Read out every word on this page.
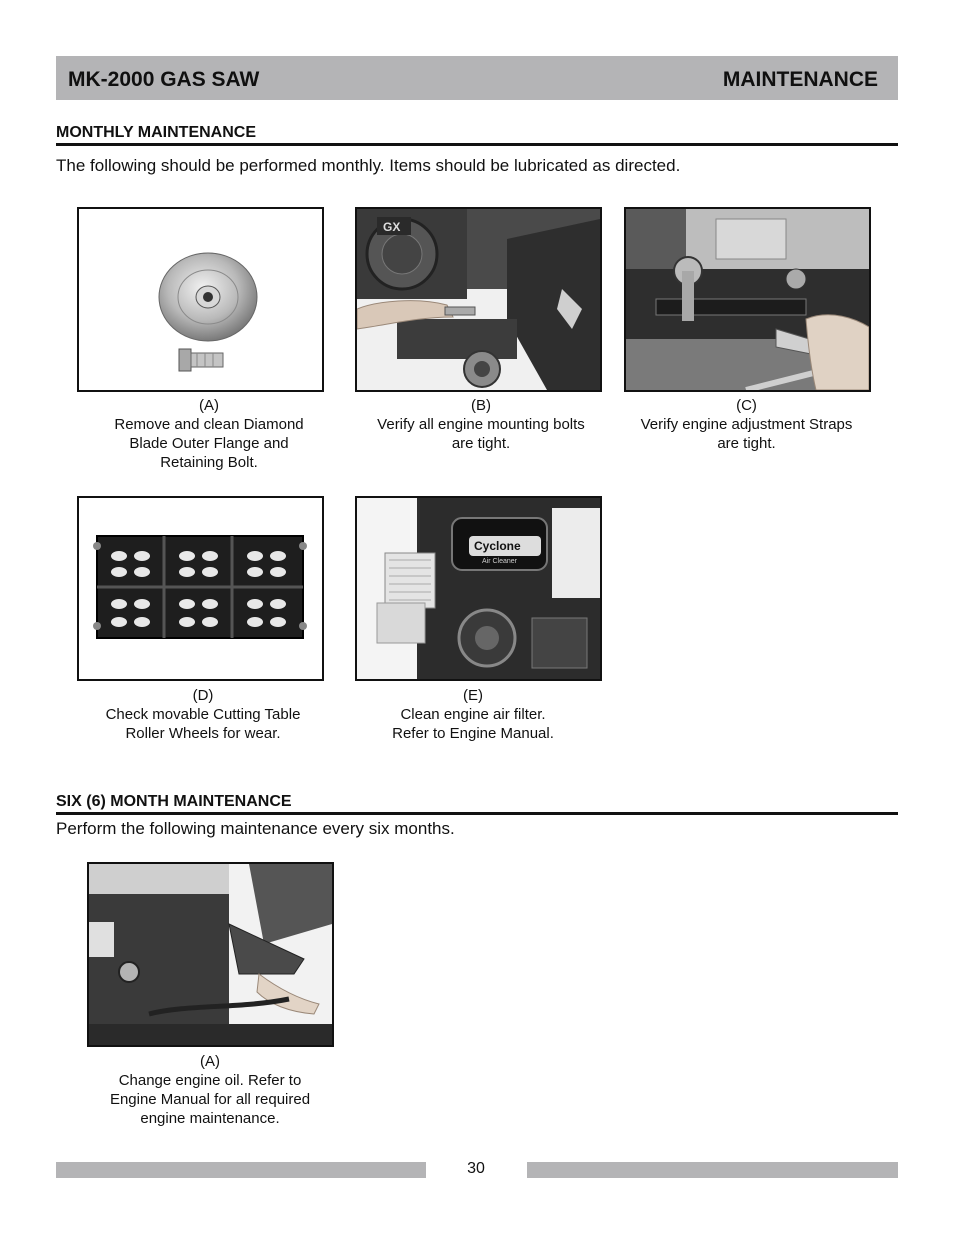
MK-2000 GAS SAW	MAINTENANCE
MONTHLY MAINTENANCE
The following should be performed monthly. Items should be lubricated as directed.
(A)
Remove and clean Diamond
Blade Outer Flange and
Retaining Bolt.
GX
(B)
Verify all engine mounting bolts
are tight.
(C)
Verify engine adjustment Straps
are tight.
(D)
Check movable Cutting Table
Roller Wheels for wear.
Cyclone
Air Cleaner
(E)
Clean engine air filter.
Refer to Engine Manual.
SIX (6) MONTH MAINTENANCE
Perform the following maintenance every six months.
(A)
Change engine oil. Refer to
Engine Manual for all required
engine maintenance.
30
